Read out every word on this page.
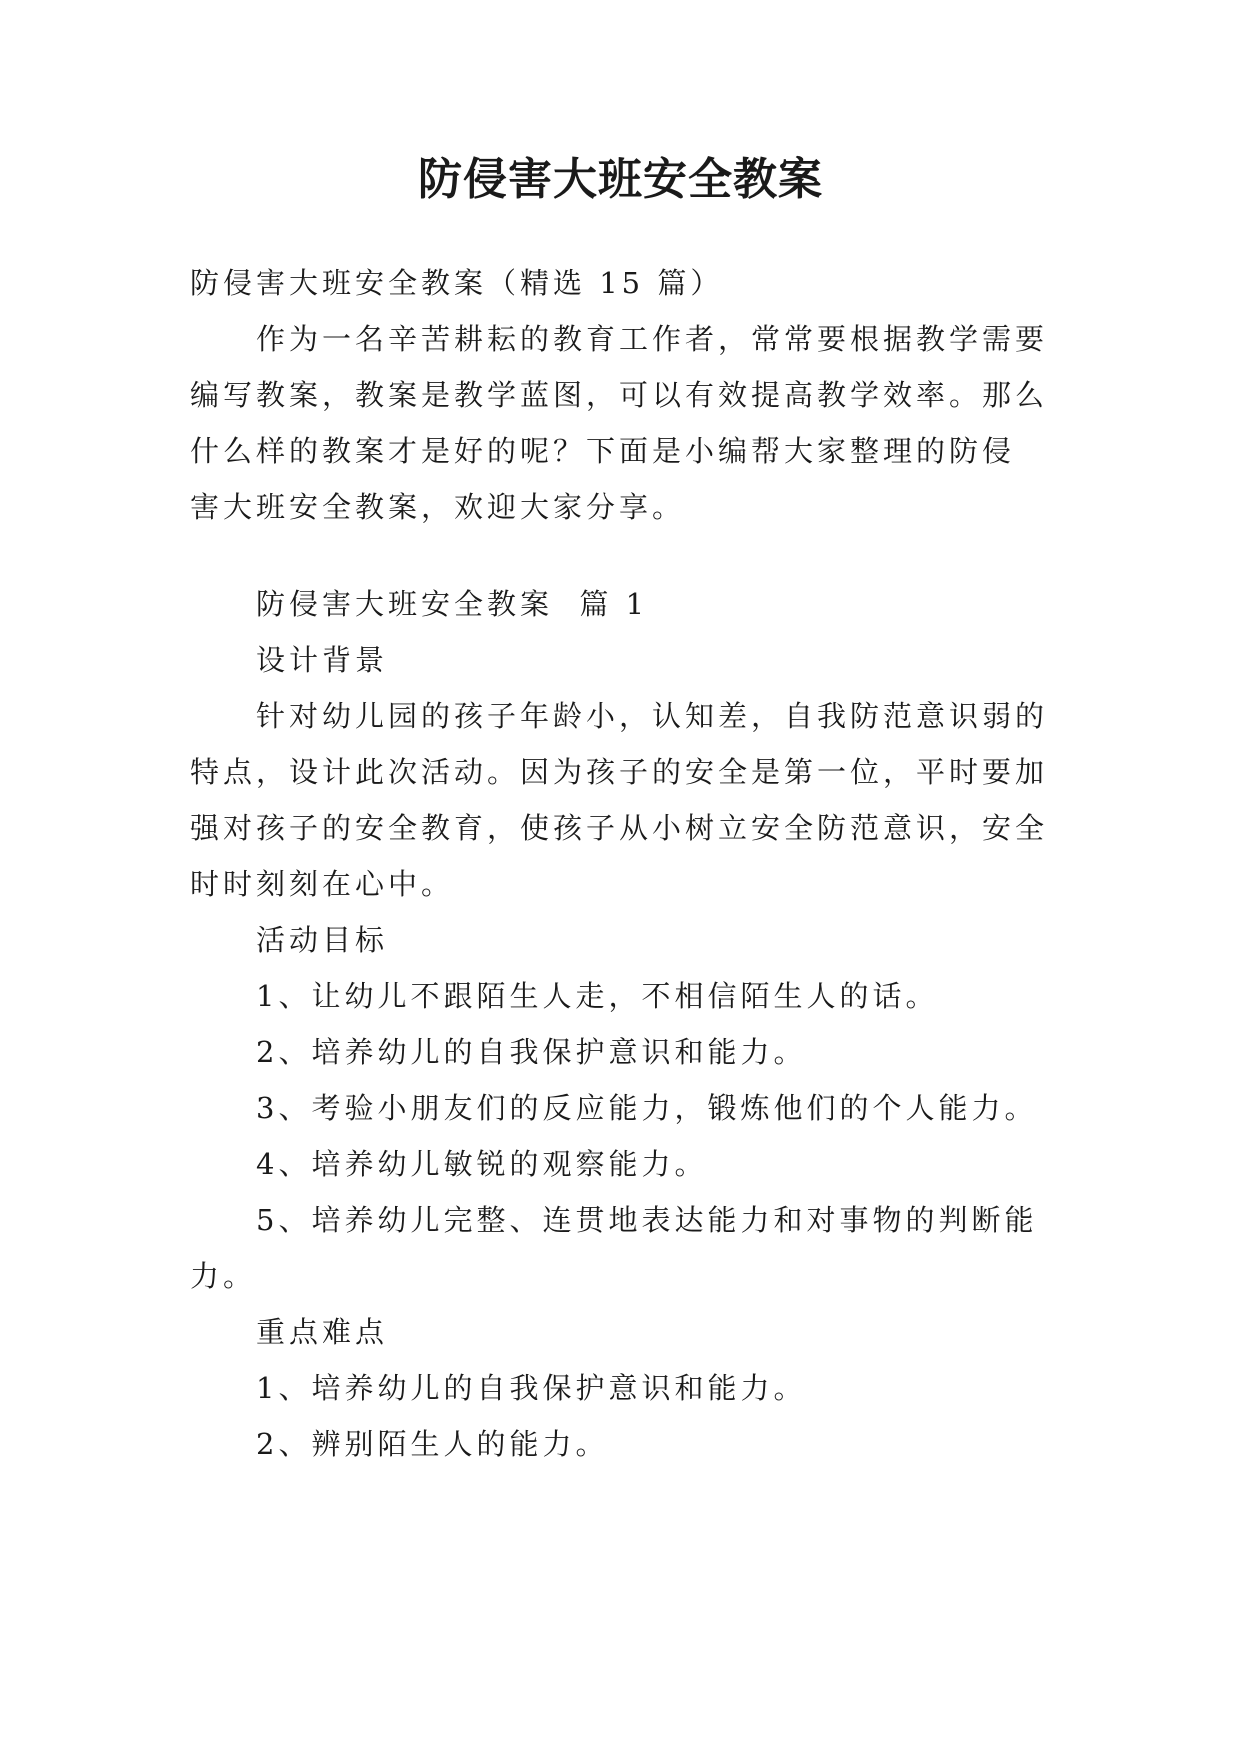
防侵害大班安全教案

防侵害大班安全教案（精选 15 篇）

作为一名辛苦耕耘的教育工作者，常常要根据教学需要

编写教案，教案是教学蓝图，可以有效提高教学效率。那么

什么样的教案才是好的呢？下面是小编帮大家整理的防侵

害大班安全教案，欢迎大家分享。

防侵害大班安全教案  篇 1

设计背景

针对幼儿园的孩子年龄小，认知差，自我防范意识弱的

特点，设计此次活动。因为孩子的安全是第一位，平时要加

强对孩子的安全教育，使孩子从小树立安全防范意识，安全

时时刻刻在心中。

活动目标

1、让幼儿不跟陌生人走，不相信陌生人的话。

2、培养幼儿的自我保护意识和能力。

3、考验小朋友们的反应能力，锻炼他们的个人能力。

4、培养幼儿敏锐的观察能力。

5、培养幼儿完整、连贯地表达能力和对事物的判断能

力。

重点难点

1、培养幼儿的自我保护意识和能力。

2、辨别陌生人的能力。
